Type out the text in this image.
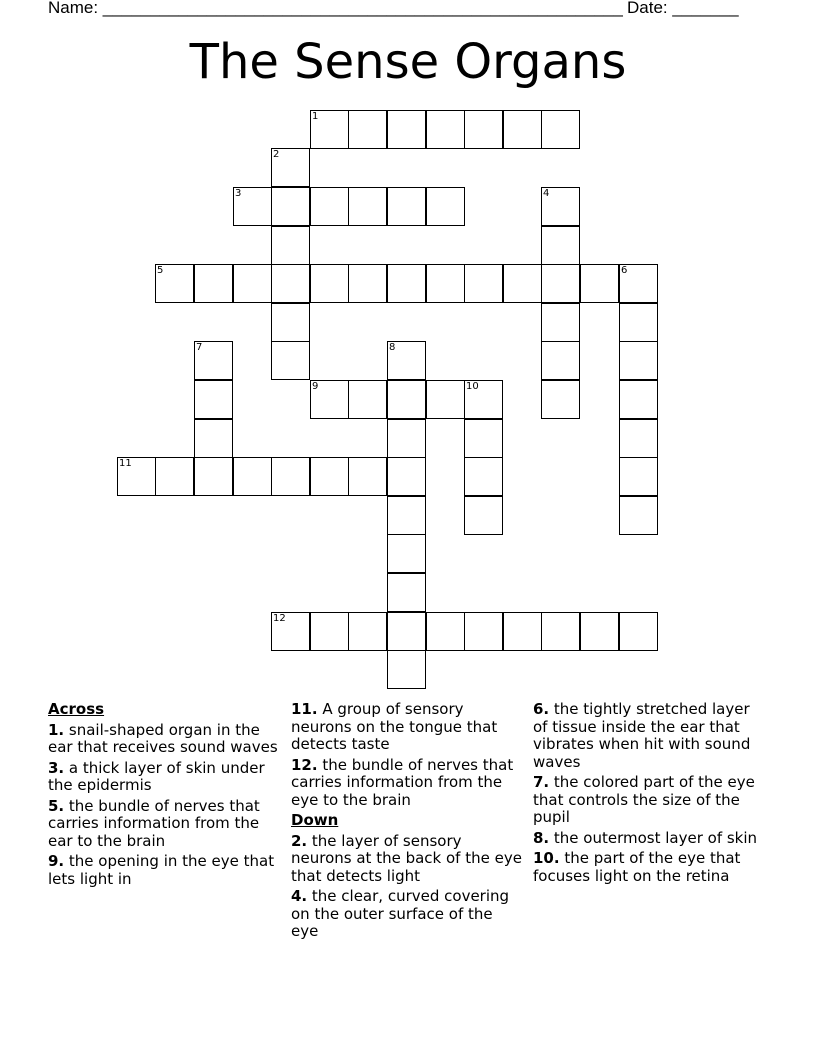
Name: _______________________________________________________ Date: _______
The Sense Organs
1
2
3	4
5	6
7	8
9	10
11
12
Across
1. snail-shaped organ in the ear that receives sound waves
3. a thick layer of skin under the epidermis
5. the bundle of nerves that carries information from the ear to the brain
9. the opening in the eye that lets light in
11. A group of sensory neurons on the tongue that detects taste
12. the bundle of nerves that carries information from the eye to the brain
Down
2. the layer of sensory neurons at the back of the eye that detects light
4. the clear, curved covering on the outer surface of the eye
6. the tightly stretched layer of tissue inside the ear that vibrates when hit with sound waves
7. the colored part of the eye that controls the size of the pupil
8. the outermost layer of skin
10. the part of the eye that focuses light on the retina
